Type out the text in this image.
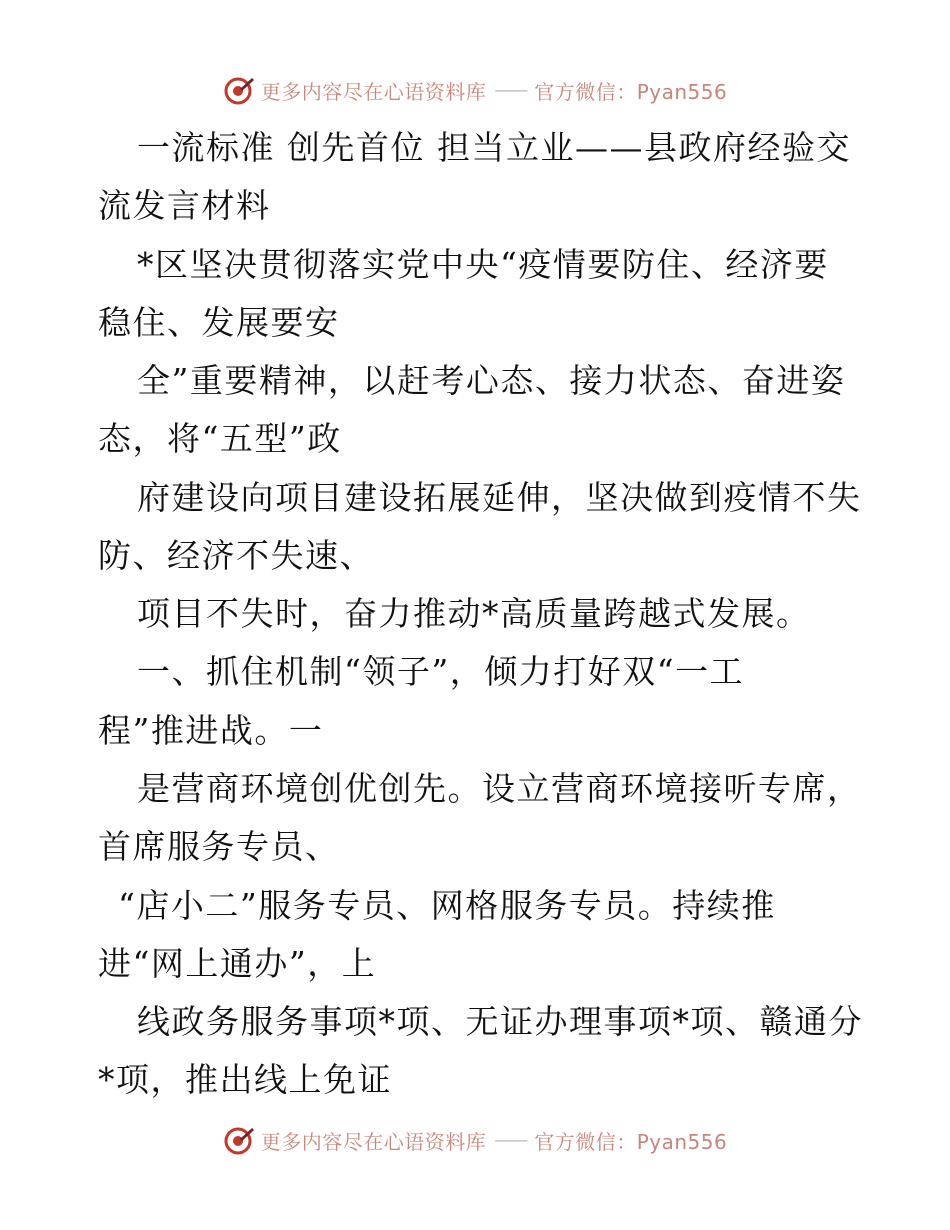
更多内容尽在心语资料库 —— 官方微信：Pyan556
一流标准 创先首位 担当立业——县政府经验交
流发言材料
*区坚决贯彻落实党中央“疫情要防住、经济要
稳住、发展要安
全”重要精神，以赶考心态、接力状态、奋进姿
态，将“五型”政
府建设向项目建设拓展延伸，坚决做到疫情不失
防、经济不失速、
项目不失时，奋力推动*高质量跨越式发展。
一、抓住机制“领子”，倾力打好双“一工
程”推进战。一
是营商环境创优创先。设立营商环境接听专席，
首席服务专员、
“店小二”服务专员、网格服务专员。持续推
进“网上通办”，上
线政务服务事项*项、无证办理事项*项、赣通分
*项，推出线上免证
更多内容尽在心语资料库 —— 官方微信：Pyan556
